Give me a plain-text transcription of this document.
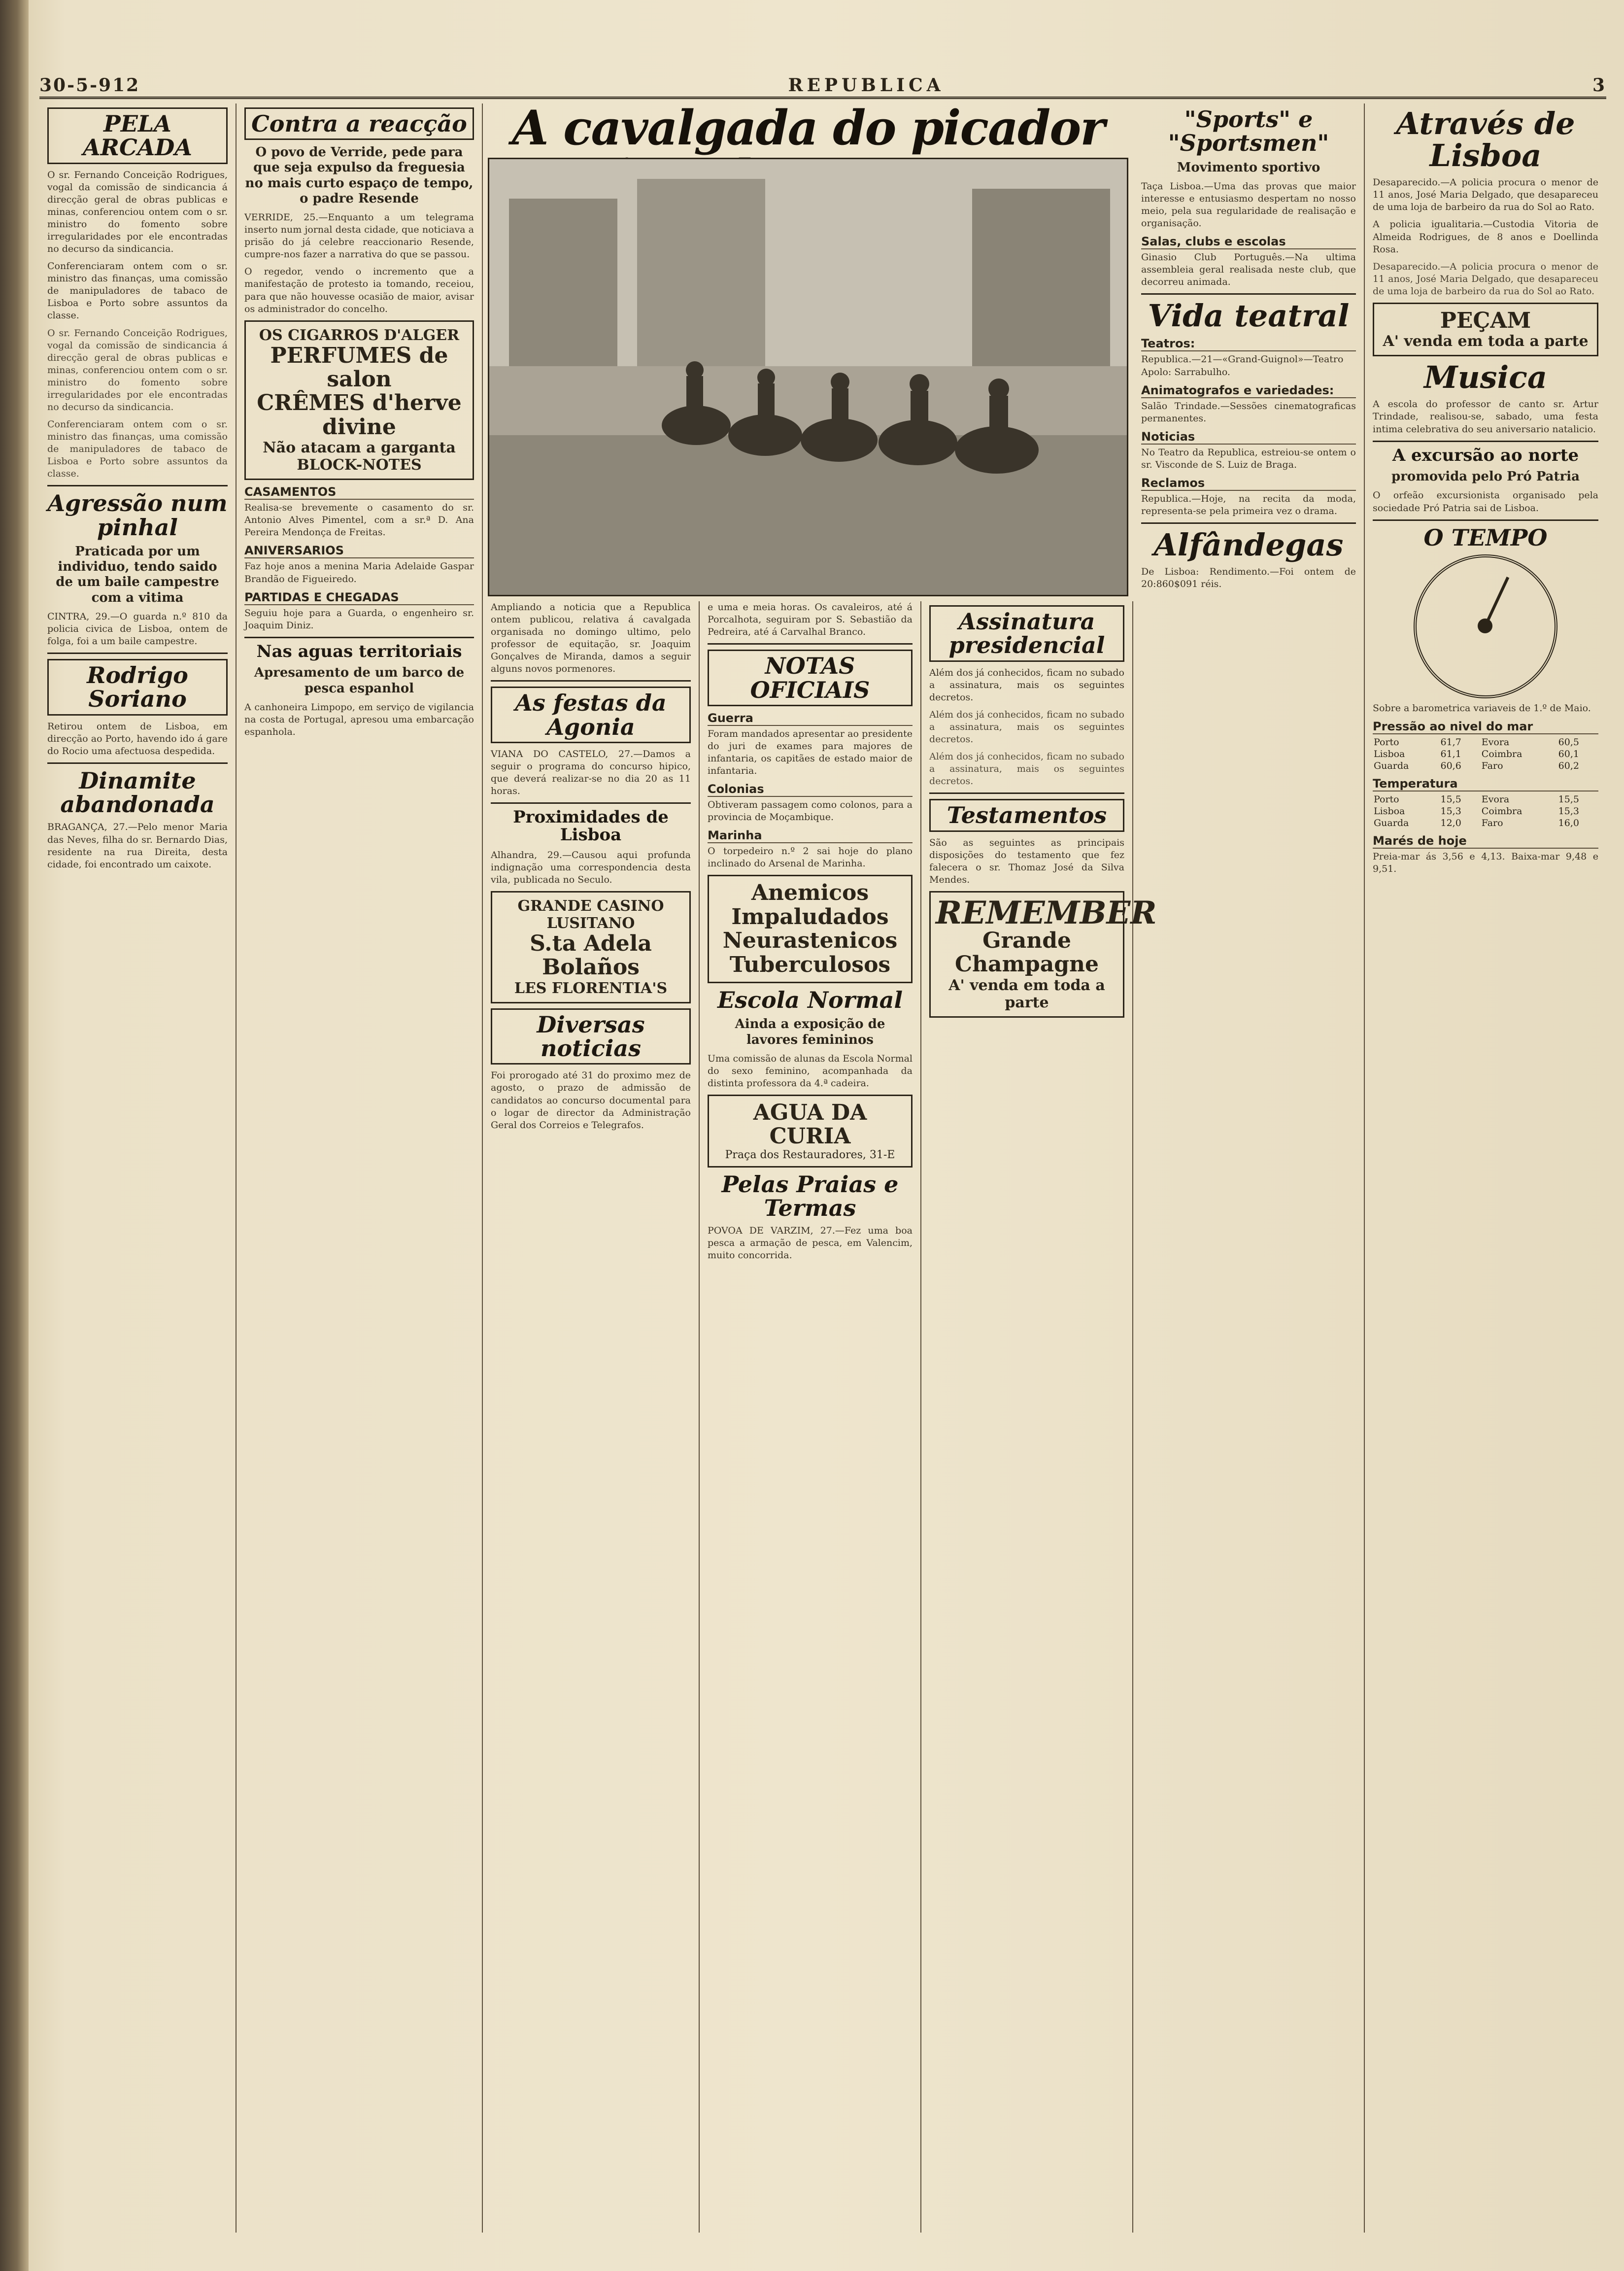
30-5-912	REPUBLICA	3
PELA ARCADA

O sr. Fernando Conceição Rodrigues, vogal da comissão de sindicancia á direcção geral de obras publicas e minas, conferenciou ontem com o sr. ministro do fomento sobre irregularidades por ele encontradas no decurso da sindicancia.

Conferenciaram ontem com o sr. ministro das finanças, uma comissão de manipuladores de tabaco de Lisboa e Porto sobre assuntos da classe.

O sr. Fernando Conceição Rodrigues, vogal da comissão de sindicancia á direcção geral de obras publicas e minas, conferenciou ontem com o sr. ministro do fomento sobre irregularidades por ele encontradas no decurso da sindicancia.

Conferenciaram ontem com o sr. ministro das finanças, uma comissão de manipuladores de tabaco de Lisboa e Porto sobre assuntos da classe.

Agressão num pinhal
Praticada por um individuo, tendo saido de um baile campestre com a vitima

CINTRA, 29.—O guarda n.º 810 da policia civica de Lisboa, ontem de folga, foi a um baile campestre.

Rodrigo Soriano

Retirou ontem de Lisboa, em direcção ao Porto, havendo ido á gare do Rocio uma afectuosa despedida.

Dinamite abandonada

BRAGANÇA, 27.—Pelo menor Maria das Neves, filha do sr. Bernardo Dias, residente na rua Direita, desta cidade, foi encontrado um caixote.

Contra a reacção
O povo de Verride, pede para que seja expulso da freguesia no mais curto espaço de tempo, o padre Resende

VERRIDE, 25.—Enquanto a um telegrama inserto num jornal desta cidade, que noticiava a prisão do já celebre reaccionario Resende, cumpre-nos fazer a narrativa do que se passou.

O regedor, vendo o incremento que a manifestação de protesto ia tomando, receiou, para que não houvesse ocasião de maior, avisar os administrador do concelho.

OS CIGARROS D'ALGER
PERFUMES de salon
CRÊMES d'herve divine
Não atacam a garganta
BLOCK-NOTES
CASAMENTOS

Realisa-se brevemente o casamento do sr. Antonio Alves Pimentel, com a sr.ª D. Ana Pereira Mendonça de Freitas.

ANIVERSARIOS

Faz hoje anos a menina Maria Adelaide Gaspar Brandão de Figueiredo.

PARTIDAS E CHEGADAS

Seguiu hoje para a Guarda, o engenheiro sr. Joaquim Diniz.

Nas aguas territoriais
Apresamento de um barco de pesca espanhol

A canhoneira Limpopo, em serviço de vigilancia na costa de Portugal, apresou uma embarcação espanhola.

A cavalgada do picador

Ampliando a noticia que a Republica ontem publicou, relativa á cavalgada organisada no domingo ultimo, pelo professor de equitação, sr. Joaquim Gonçalves de Miranda, damos a seguir alguns novos pormenores.

As festas da Agonia

VIANA DO CASTELO, 27.—Damos a seguir o programa do concurso hipico, que deverá realizar-se no dia 20 as 11 horas.

Proximidades de Lisboa

Alhandra, 29.—Causou aqui profunda indignação uma correspondencia desta vila, publicada no Seculo.

GRANDE CASINO LUSITANO
S.ta Adela Bolaños
LES FLORENTIA'S
Diversas noticias

Foi prorogado até 31 do proximo mez de agosto, o prazo de admissão de candidatos ao concurso documental para o logar de director da Administração Geral dos Correios e Telegrafos.

e uma e meia horas. Os cavaleiros, até á Porcalhota, seguiram por S. Sebastião da Pedreira, até á Carvalhal Branco.

NOTAS OFICIAIS
Guerra

Foram mandados apresentar ao presidente do juri de exames para majores de infantaria, os capitães de estado maior de infantaria.

Colonias

Obtiveram passagem como colonos, para a provincia de Moçambique.

Marinha

O torpedeiro n.º 2 sai hoje do plano inclinado do Arsenal de Marinha.

Anemicos
Impaludados
Neurastenicos
Tuberculosos
Escola Normal
Ainda a exposição de lavores femininos

Uma comissão de alunas da Escola Normal do sexo feminino, acompanhada da distinta professora da 4.ª cadeira.

AGUA DA CURIA
Praça dos Restauradores, 31-E
Pelas Praias e Termas

POVOA DE VARZIM, 27.—Fez uma boa pesca a armação de pesca, em Valencim, muito concorrida.

Assinatura presidencial

Além dos já conhecidos, ficam no subado a assinatura, mais os seguintes decretos.

Além dos já conhecidos, ficam no subado a assinatura, mais os seguintes decretos.

Além dos já conhecidos, ficam no subado a assinatura, mais os seguintes decretos.

Testamentos

São as seguintes as principais disposições do testamento que fez falecera o sr. Thomaz José da Silva Mendes.

REMEMBER
Grande Champagne
A' venda em toda a parte
"Sports" e "Sportsmen"
Movimento sportivo

Taça Lisboa.—Uma das provas que maior interesse e entusiasmo despertam no nosso meio, pela sua regularidade de realisação e organisação.

Salas, clubs e escolas

Ginasio Club Português.—Na ultima assembleia geral realisada neste club, que decorreu animada.

Vida teatral
Teatros:

Republica.—21—«Grand-Guignol»—Teatro Apolo: Sarrabulho.

Animatografos e variedades:

Salão Trindade.—Sessões cinematograficas permanentes.

Noticias

No Teatro da Republica, estreiou-se ontem o sr. Visconde de S. Luiz de Braga.

Reclamos

Republica.—Hoje, na recita da moda, representa-se pela primeira vez o drama.

Alfândegas

De Lisboa: Rendimento.—Foi ontem de 20:860$091 réis.

Através de Lisboa

Desaparecido.—A policia procura o menor de 11 anos, José Maria Delgado, que desapareceu de uma loja de barbeiro da rua do Sol ao Rato.

A policia igualitaria.—Custodia Vitoria de Almeida Rodrigues, de 8 anos e Doellinda Rosa.

Desaparecido.—A policia procura o menor de 11 anos, José Maria Delgado, que desapareceu de uma loja de barbeiro da rua do Sol ao Rato.

PEÇAM
A' venda em toda a parte
Musica

A escola do professor de canto sr. Artur Trindade, realisou-se, sabado, uma festa intima celebrativa do seu aniversario natalicio.

A excursão ao norte
promovida pelo Pró Patria

O orfeão excursionista organisado pela sociedade Pró Patria sai de Lisboa.

O TEMPO

Sobre a barometrica variaveis de 1.º de Maio.

Pressão ao nivel do mar
Porto	61,7	Evora	60,5
Lisboa	61,1	Coimbra	60,1
Guarda	60,6	Faro	60,2
Temperatura
Porto	15,5	Evora	15,5
Lisboa	15,3	Coimbra	15,3
Guarda	12,0	Faro	16,0
Marés de hoje

Preia-mar ás 3,56 e 4,13. Baixa-mar 9,48 e 9,51.
